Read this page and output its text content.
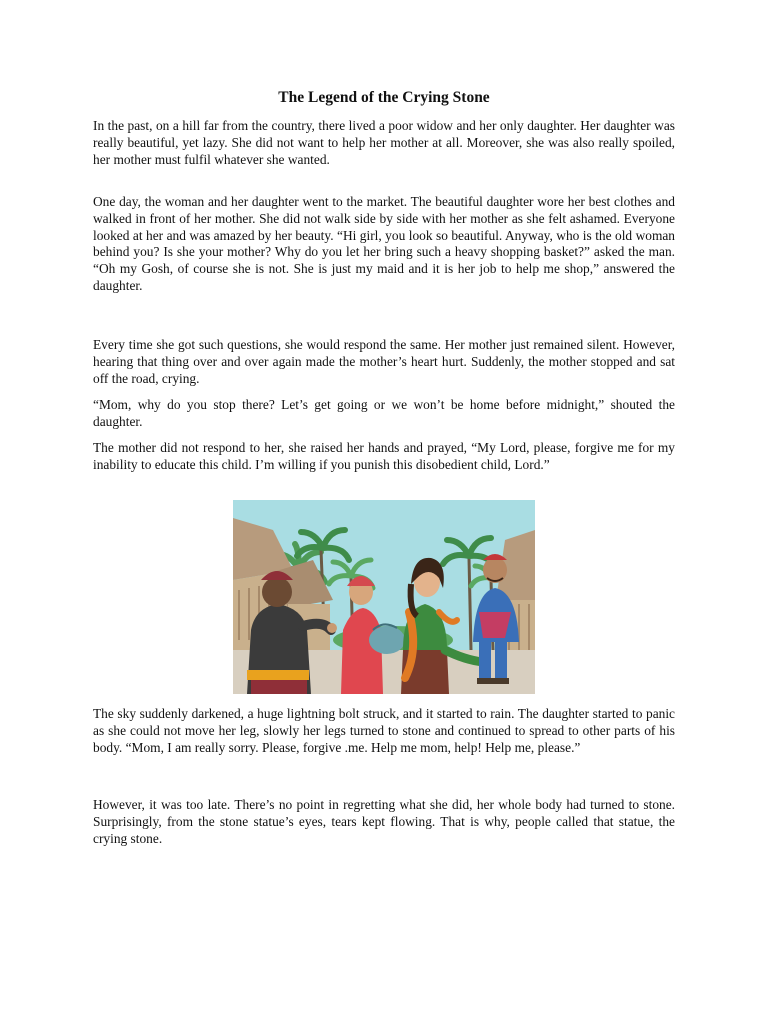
The Legend of the Crying Stone

In the past, on a hill far from the country, there lived a poor widow and her only daughter. Her daughter was really beautiful, yet lazy. She did not want to help her mother at all. Moreover, she was also really spoiled, her mother must fulfil whatever she wanted.

One day, the woman and her daughter went to the market. The beautiful daughter wore her best clothes and walked in front of her mother. She did not walk side by side with her mother as she felt ashamed. Everyone looked at her and was amazed by her beauty. “Hi girl, you look so beautiful. Anyway, who is the old woman behind you? Is she your mother? Why do you let her bring such a heavy shopping basket?” asked the man. “Oh my Gosh, of course she is not. She is just my maid and it is her job to help me shop,” answered the daughter.

Every time she got such questions, she would respond the same. Her mother just remained silent. However, hearing that thing over and over again made the mother’s heart hurt. Suddenly, the mother stopped and sat off the road, crying.

“Mom, why do you stop there? Let’s get going or we won’t be home before midnight,” shouted the daughter.

The mother did not respond to her, she raised her hands and prayed, “My Lord, please, forgive me for my inability to educate this child. I’m willing if you punish this disobedient child, Lord.”

The sky suddenly darkened, a huge lightning bolt struck, and it started to rain. The daughter started to panic as she could not move her leg, slowly her legs turned to stone and continued to spread to other parts of his body. “Mom, I am really sorry. Please, forgive .me. Help me mom, help! Help me, please.”

However, it was too late. There’s no point in regretting what she did, her whole body had turned to stone. Surprisingly, from the stone statue’s eyes, tears kept flowing. That is why, people called that statue, the crying stone.
